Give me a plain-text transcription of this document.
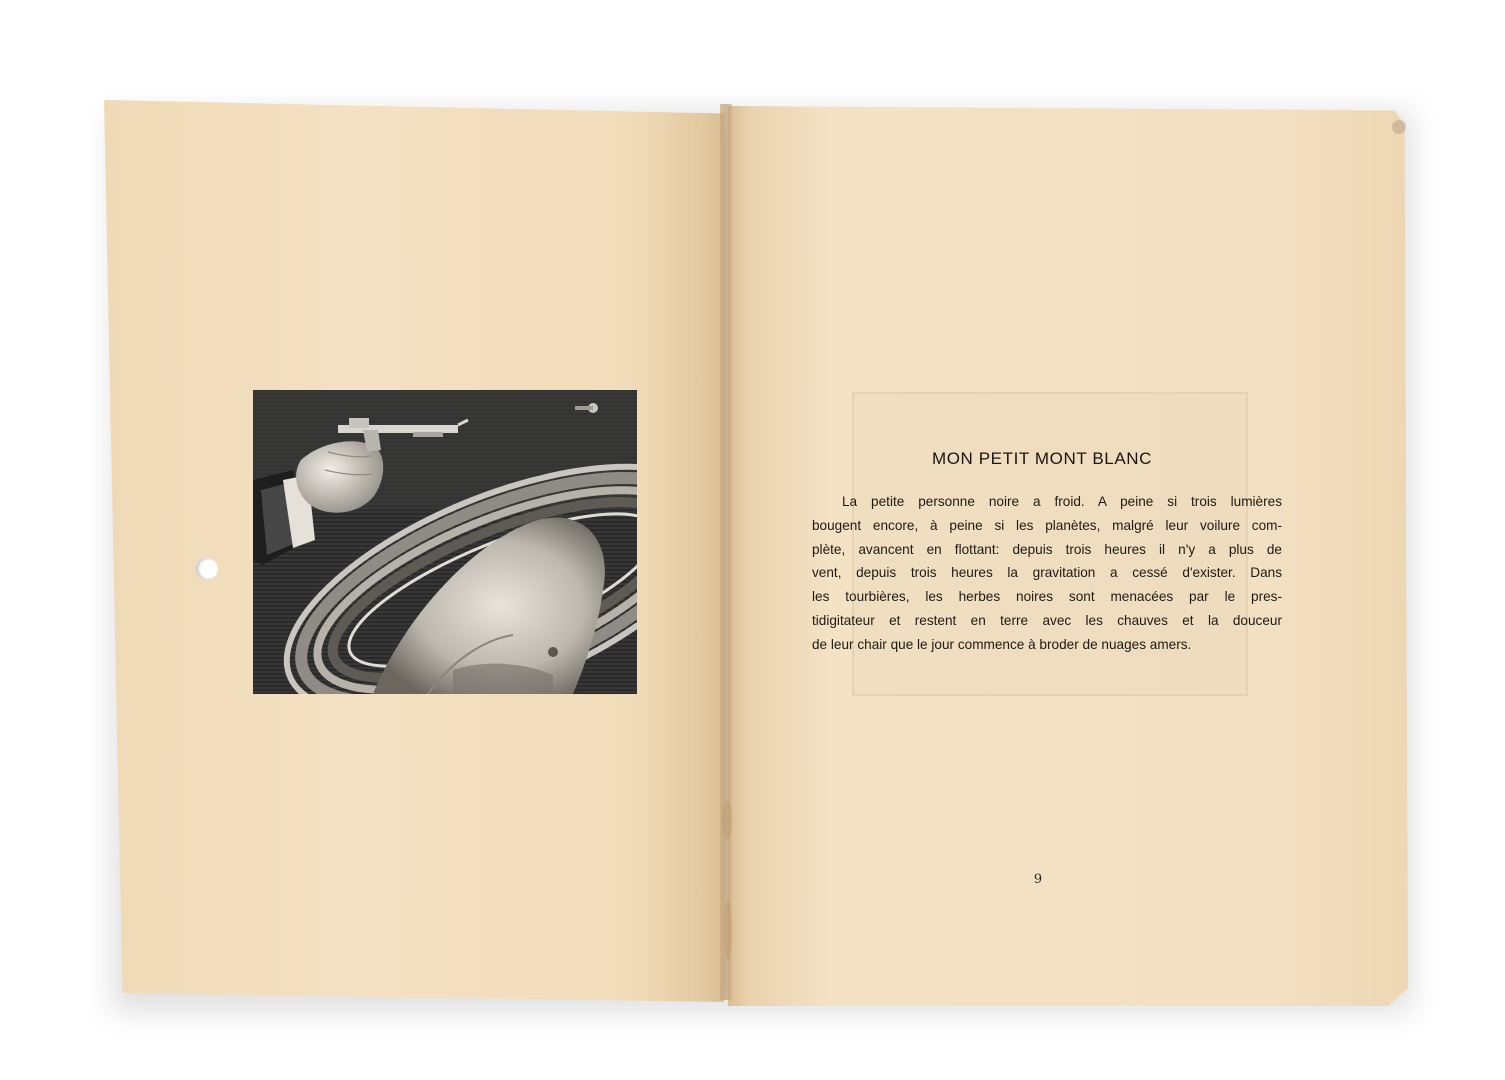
MON PETIT MONT BLANC
La petite personne noire a froid. A peine si trois lumières
bougent encore, à peine si les planètes, malgré leur voilure com-
plète, avancent en flottant: depuis trois heures il n'y a plus de
vent, depuis trois heures la gravitation a cessé d'exister. Dans
les tourbières, les herbes noires sont menacées par le pres-
tidigitateur et restent en terre avec les chauves et la douceur
de leur chair que le jour commence à broder de nuages amers.
9
